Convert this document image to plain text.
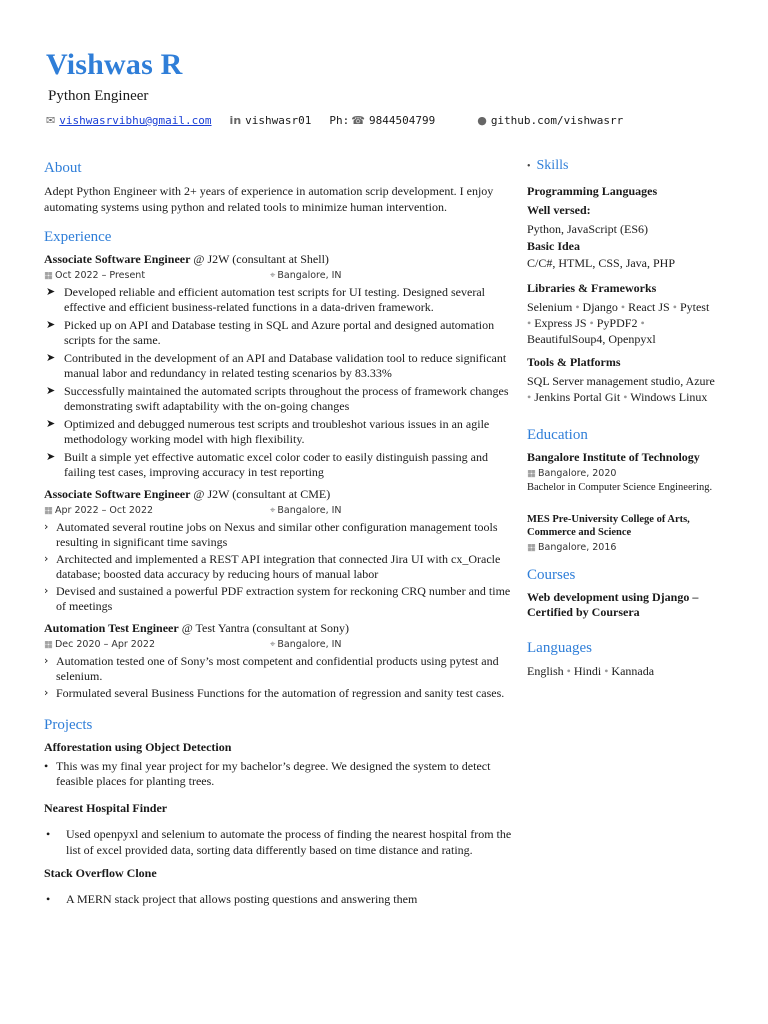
Vishwas R
Python Engineer
✉ vishwasrvibhu@gmail.com in vishwasr01 Ph: ☎ 9844504799	● github.com/vishwasrr
About
Adept Python Engineer with 2+ years of experience in automation scrip development. I enjoy automating systems using python and related tools to minimize human intervention.
Experience
Associate Software Engineer @ J2W (consultant at Shell)
▦ Oct 2022 – Present	⌖ Bangalore, IN
➤ Developed reliable and efficient automation test scripts for UI testing. Designed several effective and efficient business-related functions in a data-driven framework.
➤ Picked up on API and Database testing in SQL and Azure portal and designed automation scripts for the same.
➤ Contributed in the development of an API and Database validation tool to reduce significant manual labor and redundancy in related testing scenarios by 83.33%
➤ Successfully maintained the automated scripts throughout the process of framework changes demonstrating swift adaptability with the on-going changes
➤ Optimized and debugged numerous test scripts and troubleshot various issues in an agile methodology working model with high flexibility.
➤ Built a simple yet effective automatic excel color coder to easily distinguish passing and failing test cases, improving accuracy in test reporting
Associate Software Engineer @ J2W (consultant at CME)
▦ Apr 2022 – Oct 2022	⌖ Bangalore, IN
› Automated several routine jobs on Nexus and similar other configuration management tools resulting in significant time savings
› Architected and implemented a REST API integration that connected Jira UI with cx_Oracle database; boosted data accuracy by reducing hours of manual labor
› Devised and sustained a powerful PDF extraction system for reckoning CRQ number and time of meetings
Automation Test Engineer @ Test Yantra (consultant at Sony)
▦ Dec 2020 – Apr 2022	⌖ Bangalore, IN
› Automation tested one of Sony’s most competent and confidential products using pytest and selenium.
› Formulated several Business Functions for the automation of regression and sanity test cases.
Projects
Afforestation using Object Detection
• This was my final year project for my bachelor’s degree. We designed the system to detect feasible places for planting trees.
Nearest Hospital Finder
• Used openpyxl and selenium to automate the process of finding the nearest hospital from the list of excel provided data, sorting data differently based on time distance and rating.
Stack Overflow Clone
• A MERN stack project that allows posting questions and answering them
• Skills
Programming Languages
Well versed:
Python, JavaScript (ES6)
Basic Idea
C/C#, HTML, CSS, Java, PHP
Libraries & Frameworks
Selenium • Django • React JS • Pytest
• Express JS • PyPDF2 •
BeautifulSoup4, Openpyxl
Tools & Platforms
SQL Server management studio, Azure
• Jenkins Portal Git • Windows Linux
Education
Bangalore Institute of Technology
▦ Bangalore, 2020
Bachelor in Computer Science Engineering.
MES Pre-University College of Arts, Commerce and Science
▦ Bangalore, 2016
Courses
Web development using Django – Certified by Coursera
Languages
English • Hindi • Kannada
